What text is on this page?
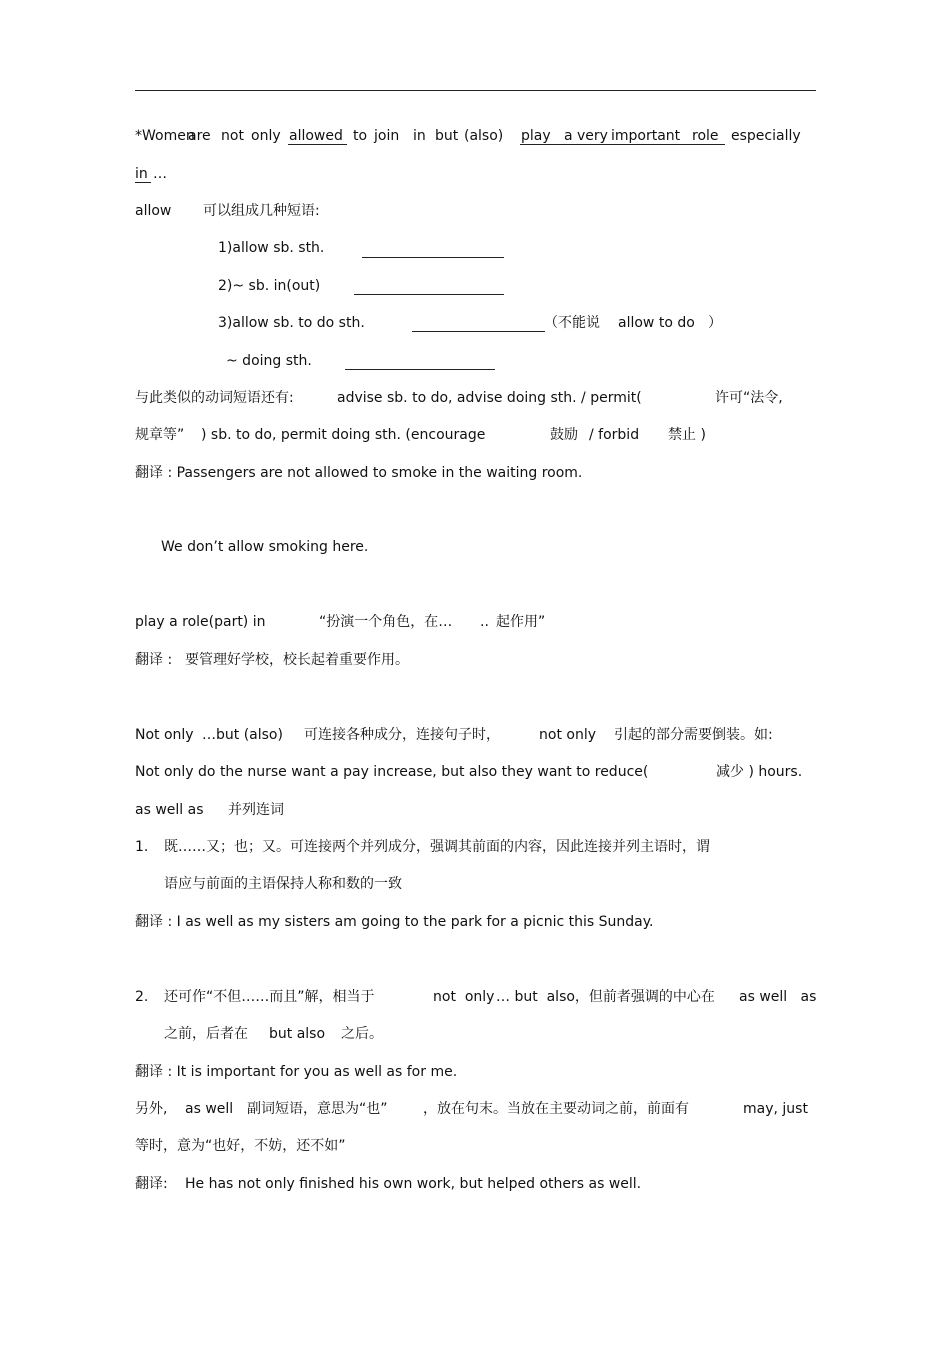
*Women
are not only allowed to join in but (also) play   a very important role especially
in …
allow 可以组成几种短语:
1)allow sb. sth.
2)~ sb. in(out)
3)allow sb. to do sth.	（不能说 allow to do ）
~ doing sth.
与此类似的动词短语还有:	advise sb. to do, advise doing sth. / permit(	许可“法令,
规章等” ) sb. to do, permit doing sth. (encourage	鼓励 / forbid 禁止 )
翻译 : Passengers are not allowed to smoke in the waiting room.
We don’t allow smoking here.
play a role(part) in	“扮演一个角色，在… .. 起作用”
翻译 : 要管理好学校，校长起着重要作用。
Not only …but (also) 可连接各种成分，连接句子时，	not only 引起的部分需要倒装。如:
Not only do the nurse want a pay increase, but also they want to reduce(	减少 ) hours.
as well as 并列连词
1. 既……又；也；又。可连接两个并列成分，强调其前面的内容，因此连接并列主语时，谓
语应与前面的主语保持人称和数的一致
翻译 : I as well as my sisters am going to the park for a picnic this Sunday.
2. 还可作“不但……而且”解，相当于	not  only … but  also，但前者强调的中心在 as well   as
之前，后者在 but also 之后。
翻译 : It is important for you as well as for me.
另外, as well 副词短语，意思为“也”	，放在句末。当放在主要动词之前，前面有	may, just
等时，意为“也好，不妨，还不如”
翻译: He has not only finished his own work, but helped others as well.
